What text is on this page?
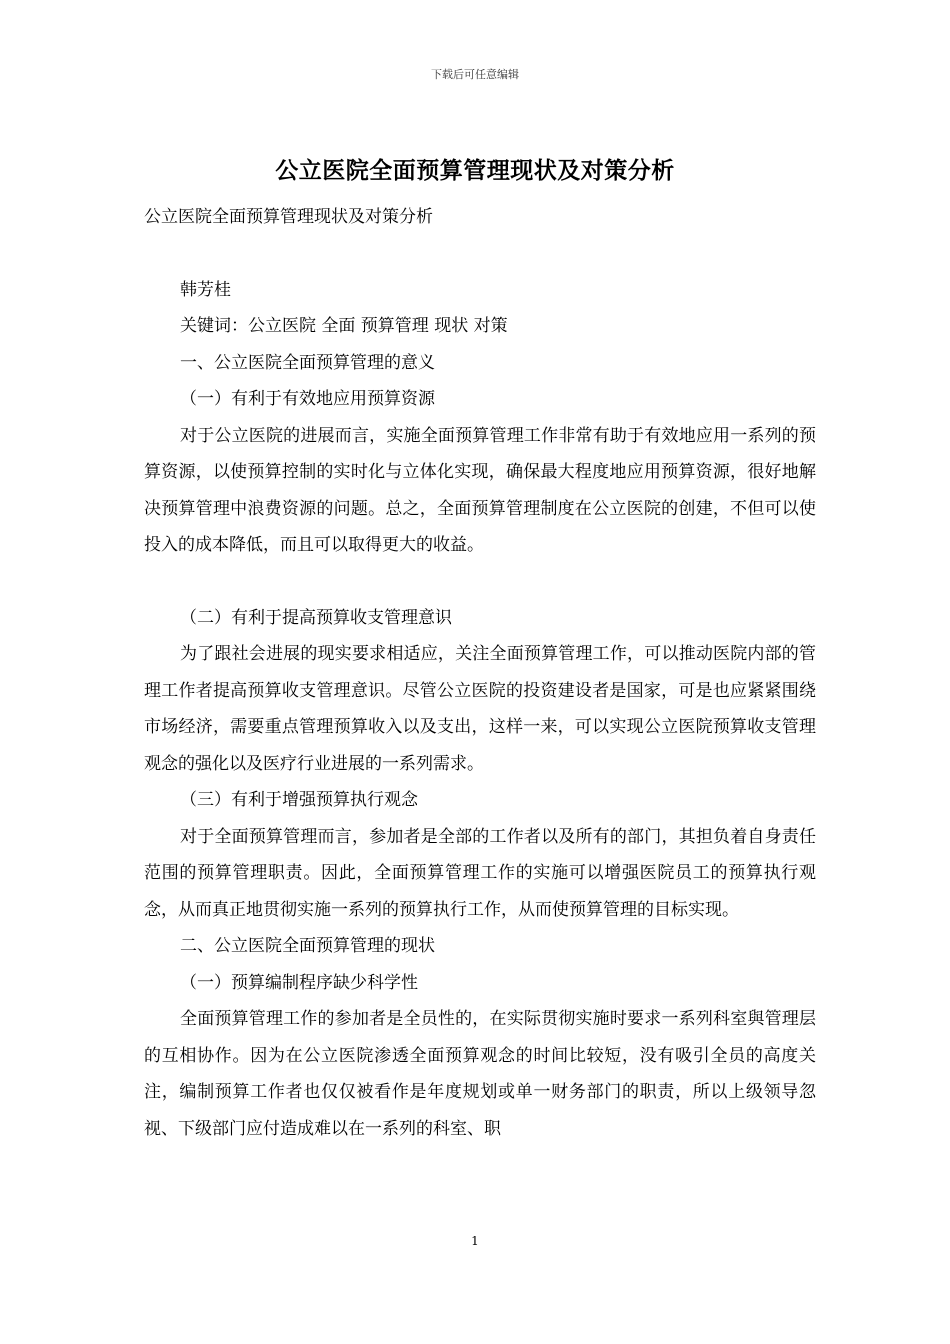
下载后可任意编辑
公立医院全面预算管理现状及对策分析

公立医院全面预算管理现状及对策分析

韩芳桂

关键词：公立医院 全面 预算管理 现状 对策

一、公立医院全面预算管理的意义

（一）有利于有效地应用预算资源

对于公立医院的进展而言，实施全面预算管理工作非常有助于有效地应用一系列的预算资源，以使预算控制的实时化与立体化实现，确保最大程度地应用预算资源，很好地解决预算管理中浪费资源的问题。总之，全面预算管理制度在公立医院的创建，不但可以使投入的成本降低，而且可以取得更大的收益。

（二）有利于提高预算收支管理意识

为了跟社会进展的现实要求相适应，关注全面预算管理工作，可以推动医院内部的管理工作者提高预算收支管理意识。尽管公立医院的投资建设者是国家，可是也应紧紧围绕市场经济，需要重点管理预算收入以及支出，这样一来，可以实现公立医院预算收支管理观念的强化以及医疗行业进展的一系列需求。

（三）有利于增强预算执行观念

对于全面预算管理而言，参加者是全部的工作者以及所有的部门，其担负着自身责任范围的预算管理职责。因此，全面预算管理工作的实施可以增强医院员工的预算执行观念，从而真正地贯彻实施一系列的预算执行工作，从而使预算管理的目标实现。

二、公立医院全面预算管理的现状

（一）预算编制程序缺少科学性

全面预算管理工作的参加者是全员性的，在实际贯彻实施时要求一系列科室與管理层的互相协作。因为在公立医院渗透全面预算观念的时间比较短，没有吸引全员的高度关注，编制预算工作者也仅仅被看作是年度规划或单一财务部门的职责，所以上级领导忽视、下级部门应付造成难以在一系列的科室、职

1
